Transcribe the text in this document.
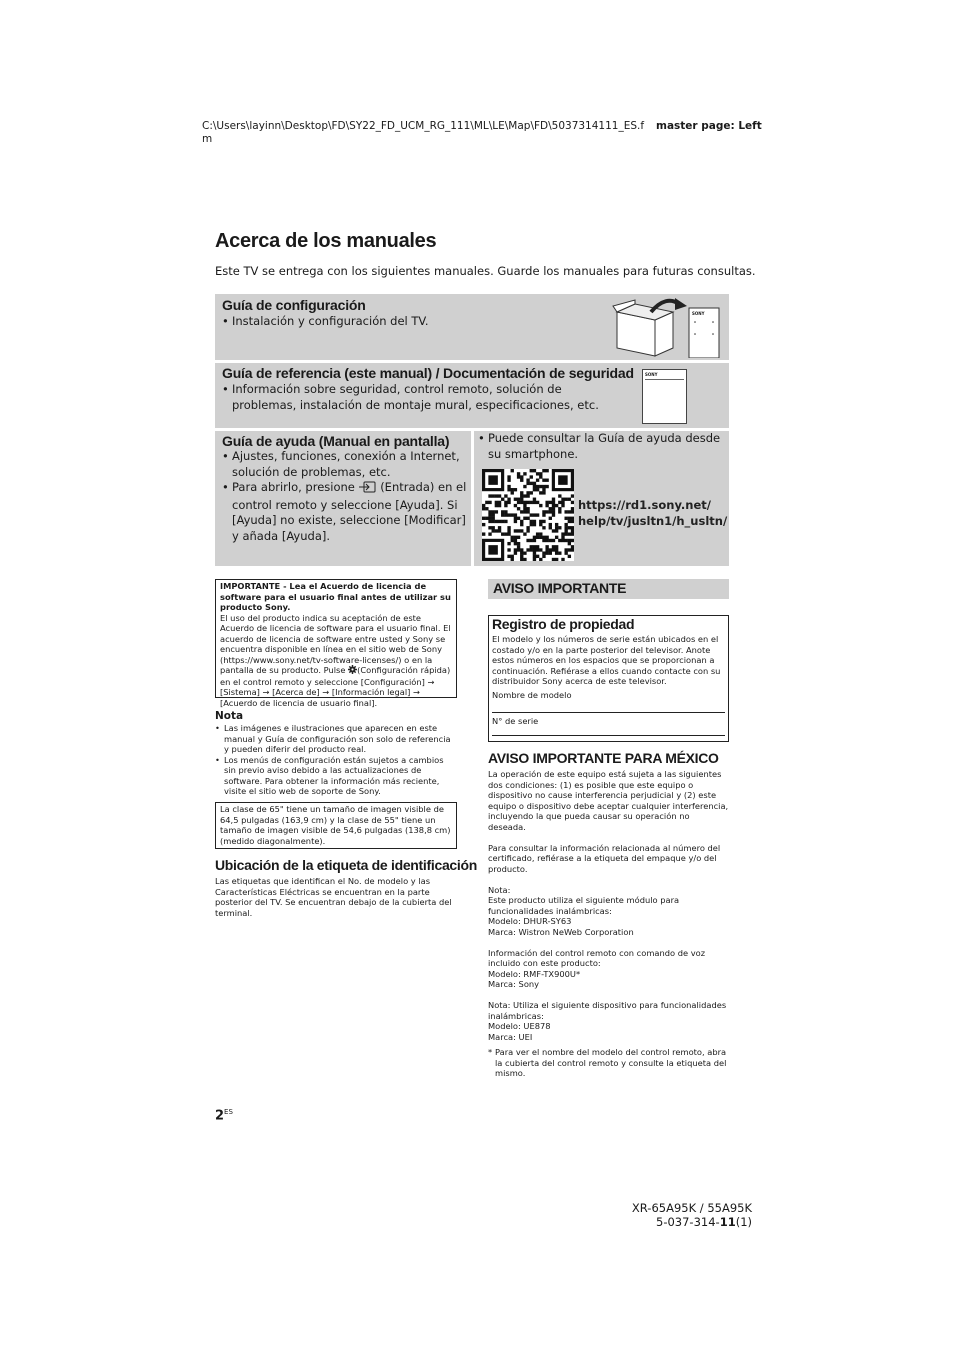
C:\Users\layinn\Desktop\FD\SY22_FD_UCM_RG_111\ML\LE\Map\FD\5037314111_ES.f
m
master page: Left
Acerca de los manuales
Este TV se entrega con los siguientes manuales. Guarde los manuales para futuras consultas.
Guía de configuración
• Instalación y configuración del TV.
SONY
Guía de referencia (este manual) / Documentación de seguridad
• Información sobre seguridad, control remoto, solución de problemas, instalación de montaje mural, especificaciones, etc.
SONY
Guía de ayuda (Manual en pantalla)
• Ajustes, funciones, conexión a Internet, solución de problemas, etc.
• Para abrirlo, presione (Entrada) en el control remoto y seleccione [Ayuda]. Si [Ayuda] no existe, seleccione [Modificar] y añada [Ayuda].
• Puede consultar la Guía de ayuda desde su smartphone.
https://rd1.sony.net/
help/tv/jusltn1/h_usltn/
IMPORTANTE - Lea el Acuerdo de licencia de software para el usuario final antes de utilizar su producto Sony.
El uso del producto indica su aceptación de este Acuerdo de licencia de software para el usuario final. El acuerdo de licencia de software entre usted y Sony se encuentra disponible en línea en el sitio web de Sony (https://www.sony.net/tv-software-licenses/) o en la pantalla de su producto. Pulse (Configuración rápida) en el control remoto y seleccione [Configuración] → [Sistema] → [Acerca de] → [Información legal] → [Acuerdo de licencia de usuario final].
Nota
• Las imágenes e ilustraciones que aparecen en este manual y Guía de configuración son solo de referencia y pueden diferir del producto real.
• Los menús de configuración están sujetos a cambios sin previo aviso debido a las actualizaciones de software. Para obtener la información más reciente, visite el sitio web de soporte de Sony.
La clase de 65" tiene un tamaño de imagen visible de 64,5 pulgadas (163,9 cm) y la clase de 55" tiene un tamaño de imagen visible de 54,6 pulgadas (138,8 cm) (medido diagonalmente).
Ubicación de la etiqueta de identificación
Las etiquetas que identifican el No. de modelo y las Características Eléctricas se encuentran en la parte posterior del TV. Se encuentran debajo de la cubierta del terminal.
AVISO IMPORTANTE
Registro de propiedad
El modelo y los números de serie están ubicados en el costado y/o en la parte posterior del televisor. Anote estos números en los espacios que se proporcionan a continuación. Refiérase a ellos cuando contacte con su distribuidor Sony acerca de este televisor.
Nombre de modelo
N° de serie
AVISO IMPORTANTE PARA MÉXICO
La operación de este equipo está sujeta a las siguientes dos condiciones: (1) es posible que este equipo o dispositivo no cause interferencia perjudicial y (2) este equipo o dispositivo debe aceptar cualquier interferencia, incluyendo la que pueda causar su operación no deseada.
Para consultar la información relacionada al número del certificado, refiérase a la etiqueta del empaque y/o del producto.
Nota:
Este producto utiliza el siguiente módulo para funcionalidades inalámbricas:
Modelo: DHUR-SY63
Marca: Wistron NeWeb Corporation
Información del control remoto con comando de voz incluido con este producto:
Modelo: RMF-TX900U*
Marca: Sony
Nota: Utiliza el siguiente dispositivo para funcionalidades inalámbricas:
Modelo: UE878
Marca: UEI
* Para ver el nombre del modelo del control remoto, abra la cubierta del control remoto y consulte la etiqueta del mismo.
$2^{ES}$
XR-65A95K / 55A95K
5-037-314-11(1)
